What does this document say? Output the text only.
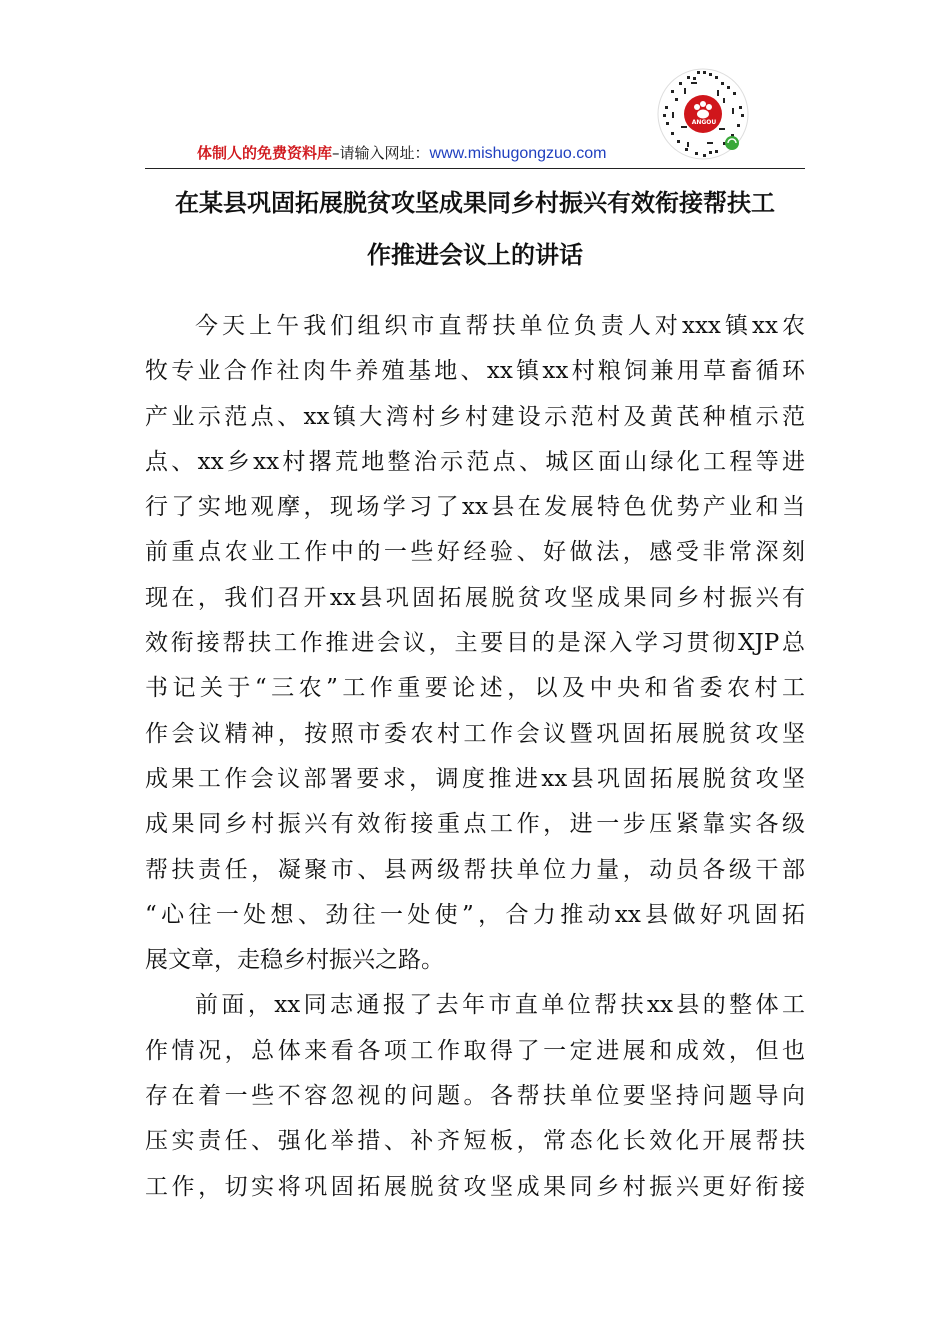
ANGOU
体制人的免费资料库–请输入网址：www.mishugongzuo.com
在某县巩固拓展脱贫攻坚成果同乡村振兴有效衔接帮扶工
作推进会议上的讲话
今天上午我们组织市直帮扶单位负责人对xxx镇xx农
牧专业合作社肉牛养殖基地、xx镇xx村粮饲兼用草畜循环
产业示范点、xx镇大湾村乡村建设示范村及黄芪种植示范
点、xx乡xx村撂荒地整治示范点、城区面山绿化工程等进
行了实地观摩，现场学习了xx县在发展特色优势产业和当
前重点农业工作中的一些好经验、好做法，感受非常深刻
现在，我们召开xx县巩固拓展脱贫攻坚成果同乡村振兴有
效衔接帮扶工作推进会议，主要目的是深入学习贯彻XJP总
书记关于“三农”工作重要论述，以及中央和省委农村工
作会议精神，按照市委农村工作会议暨巩固拓展脱贫攻坚
成果工作会议部署要求，调度推进xx县巩固拓展脱贫攻坚
成果同乡村振兴有效衔接重点工作，进一步压紧靠实各级
帮扶责任，凝聚市、县两级帮扶单位力量，动员各级干部
“心往一处想、劲往一处使”，合力推动xx县做好巩固拓
展文章，走稳乡村振兴之路。
前面，xx同志通报了去年市直单位帮扶xx县的整体工
作情况，总体来看各项工作取得了一定进展和成效，但也
存在着一些不容忽视的问题。各帮扶单位要坚持问题导向
压实责任、强化举措、补齐短板，常态化长效化开展帮扶
工作，切实将巩固拓展脱贫攻坚成果同乡村振兴更好衔接
